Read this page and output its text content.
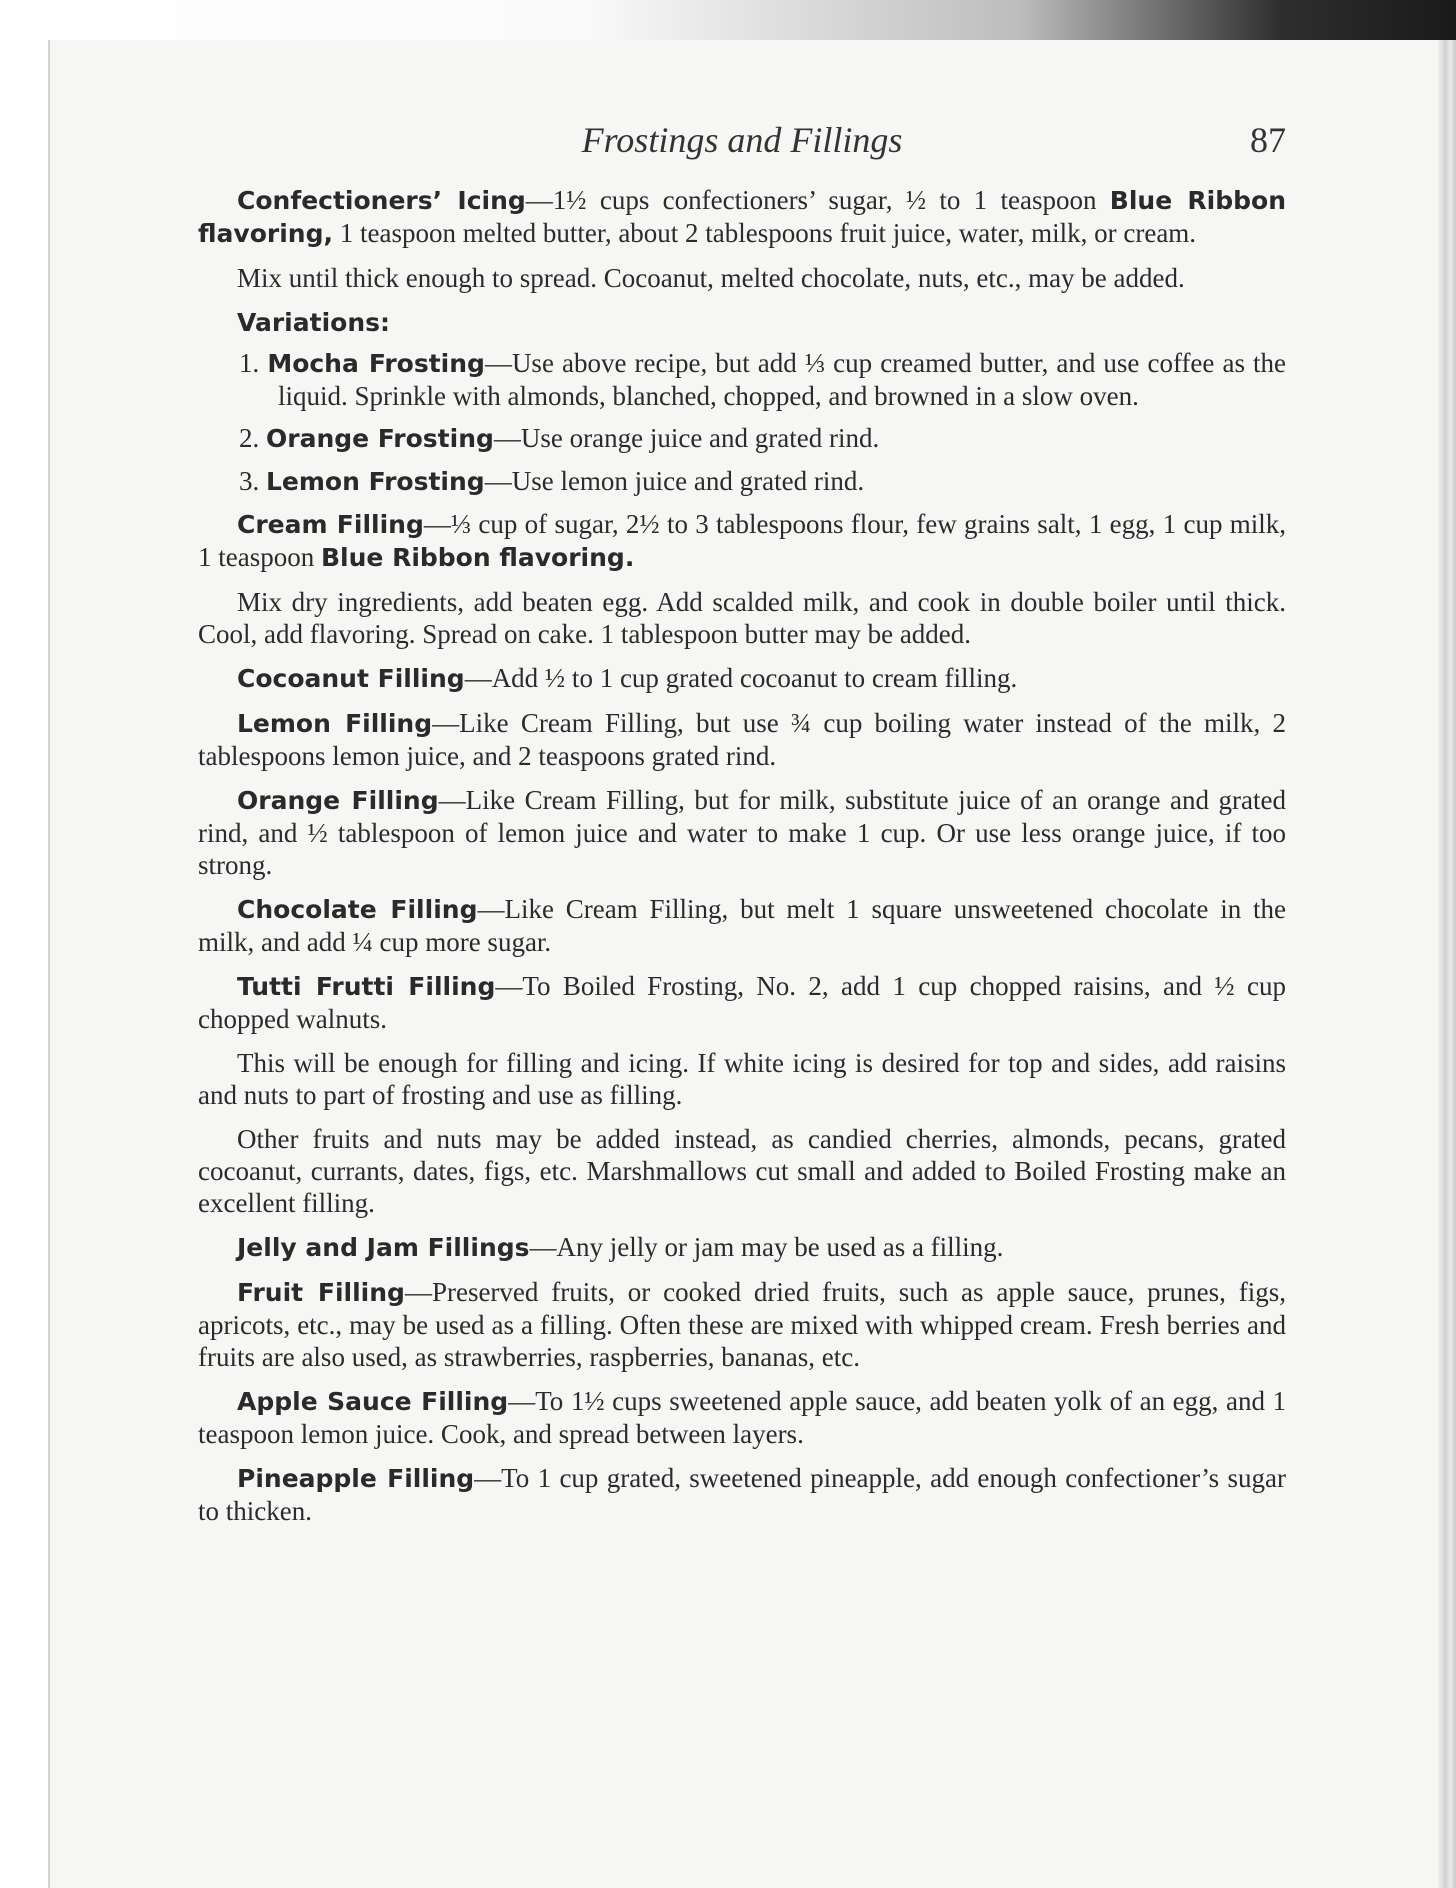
Frostings and Fillings	87

Confectioners’ Icing—1½ cups confectioners’ sugar, ½ to 1 teaspoon Blue Ribbon flavoring, 1 teaspoon melted butter, about 2 tablespoons fruit juice, water, milk, or cream.

Mix until thick enough to spread. Cocoanut, melted chocolate, nuts, etc., may be added.

Variations:

1. Mocha Frosting—Use above recipe, but add ⅓ cup creamed butter, and use coffee as the liquid. Sprinkle with almonds, blanched, chopped, and browned in a slow oven.

2. Orange Frosting—Use orange juice and grated rind.

3. Lemon Frosting—Use lemon juice and grated rind.

Cream Filling—⅓ cup of sugar, 2½ to 3 tablespoons flour, few grains salt, 1 egg, 1 cup milk, 1 teaspoon Blue Ribbon flavoring.

Mix dry ingredients, add beaten egg. Add scalded milk, and cook in double boiler until thick. Cool, add flavoring. Spread on cake. 1 tablespoon butter may be added.

Cocoanut Filling—Add ½ to 1 cup grated cocoanut to cream filling.

Lemon Filling—Like Cream Filling, but use ¾ cup boiling water instead of the milk, 2 tablespoons lemon juice, and 2 teaspoons grated rind.

Orange Filling—Like Cream Filling, but for milk, substitute juice of an orange and grated rind, and ½ tablespoon of lemon juice and water to make 1 cup. Or use less orange juice, if too strong.

Chocolate Filling—Like Cream Filling, but melt 1 square unsweetened chocolate in the milk, and add ¼ cup more sugar.

Tutti Frutti Filling—To Boiled Frosting, No. 2, add 1 cup chopped raisins, and ½ cup chopped walnuts.

This will be enough for filling and icing. If white icing is desired for top and sides, add raisins and nuts to part of frosting and use as filling.

Other fruits and nuts may be added instead, as candied cherries, almonds, pecans, grated cocoanut, currants, dates, figs, etc. Marshmallows cut small and added to Boiled Frosting make an excellent filling.

Jelly and Jam Fillings—Any jelly or jam may be used as a filling.

Fruit Filling—Preserved fruits, or cooked dried fruits, such as apple sauce, prunes, figs, apricots, etc., may be used as a filling. Often these are mixed with whipped cream. Fresh berries and fruits are also used, as strawberries, raspberries, bananas, etc.

Apple Sauce Filling—To 1½ cups sweetened apple sauce, add beaten yolk of an egg, and 1 teaspoon lemon juice. Cook, and spread between layers.

Pineapple Filling—To 1 cup grated, sweetened pineapple, add enough confectioner’s sugar to thicken.
